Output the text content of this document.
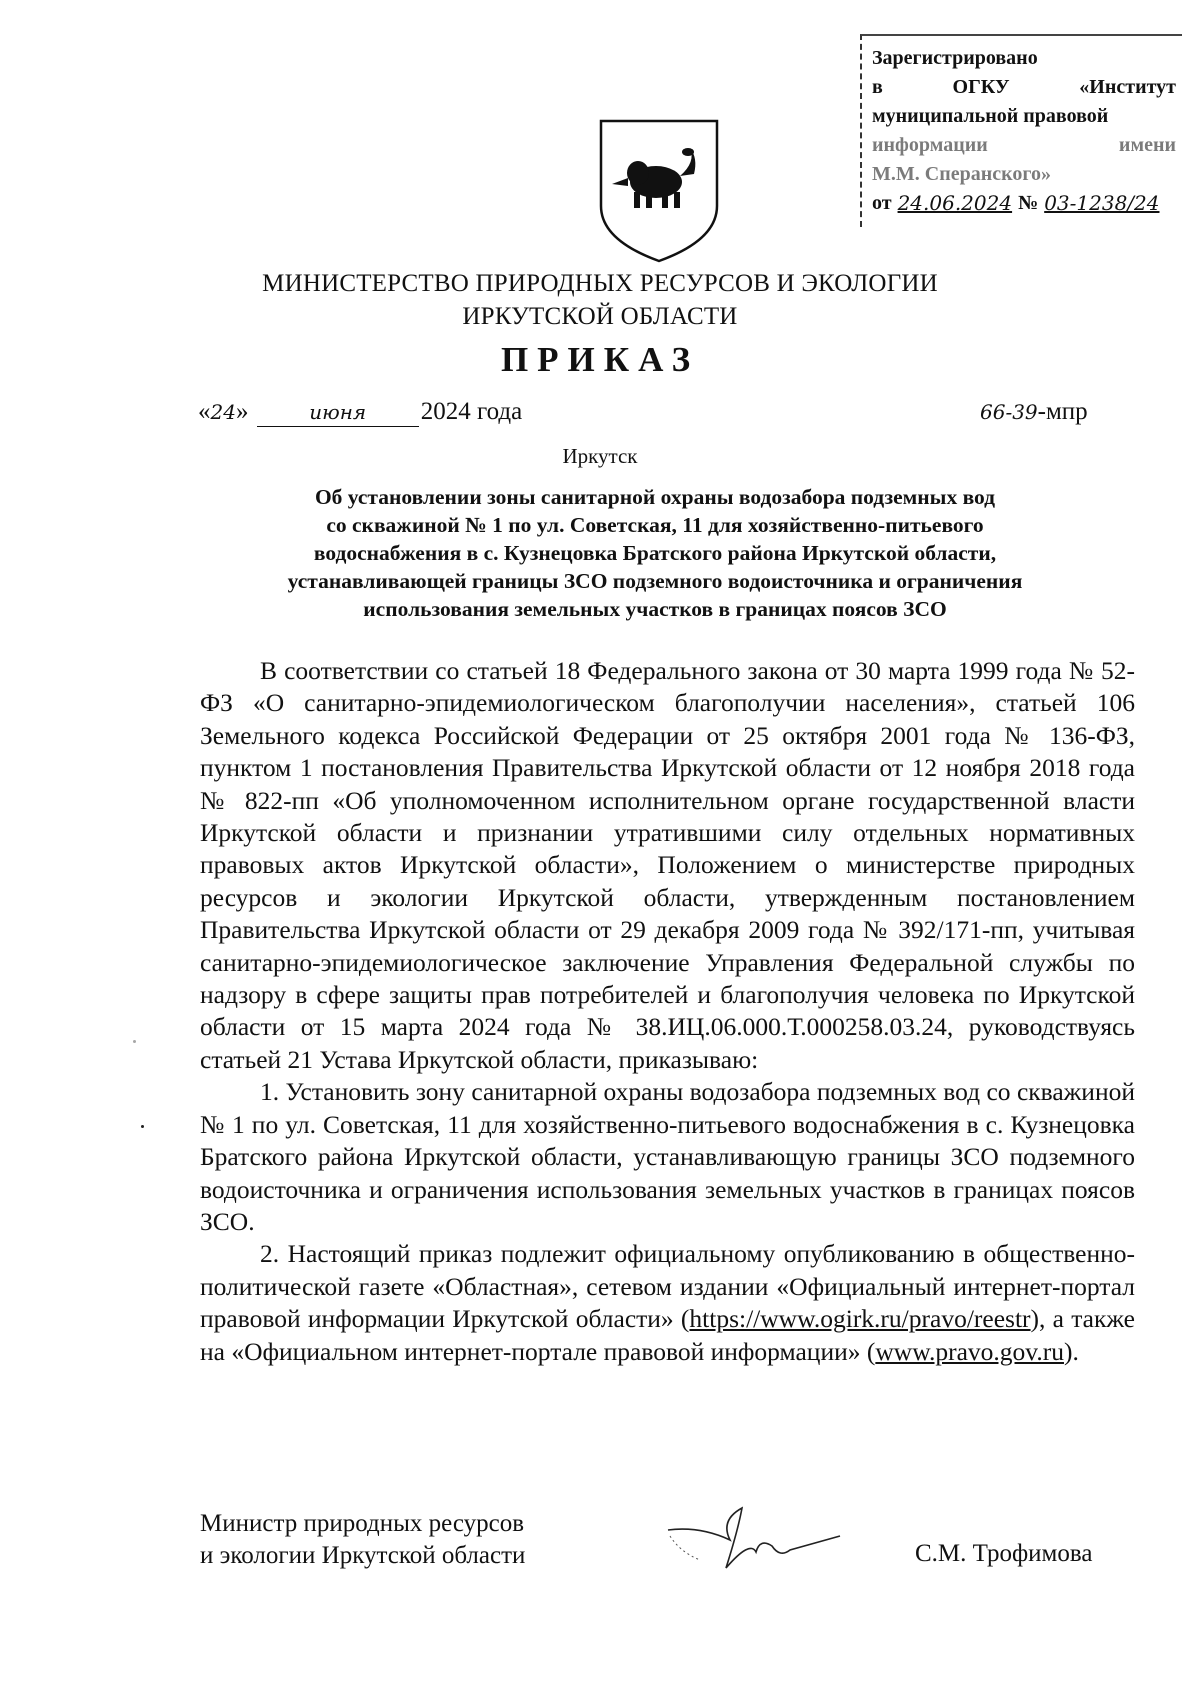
Зарегистрировано
в	ОГКУ	«Институт
муниципальной правовой
информации	имени
М.М. Сперанского»
от 24.06.2024 № 03-1238/24
МИНИСТЕРСТВО ПРИРОДНЫХ РЕСУРСОВ И ЭКОЛОГИИ
ИРКУТСКОЙ ОБЛАСТИ
ПРИКАЗ
«24»	июня 2024 года	66-39-мпр
Иркутск
Об установлении зоны санитарной охраны водозабора подземных вод
со скважиной № 1 по ул. Советская, 11 для хозяйственно-питьевого
водоснабжения в с. Кузнецовка Братского района Иркутской области,
устанавливающей границы ЗСО подземного водоисточника и ограничения
использования земельных участков в границах поясов ЗСО

В соответствии со статьей 18 Федерального закона от 30 марта 1999 года № 52-ФЗ «О санитарно-эпидемиологическом благополучии населения», статьей 106 Земельного кодекса Российской Федерации от 25 октября 2001 года № 136-ФЗ, пунктом 1 постановления Правительства Иркутской области от 12 ноября 2018 года № 822-пп «Об уполномоченном исполнительном органе государственной власти Иркутской области и признании утратившими силу отдельных нормативных правовых актов Иркутской области», Положением о министерстве природных ресурсов и экологии Иркутской области, утвержденным постановлением Правительства Иркутской области от 29 декабря 2009 года № 392/171-пп, учитывая санитарно-эпидемиологическое заключение Управления Федеральной службы по надзору в сфере защиты прав потребителей и благополучия человека по Иркутской области от 15 марта 2024 года № 38.ИЦ.06.000.Т.000258.03.24, руководствуясь статьей 21 Устава Иркутской области, приказываю:

1. Установить зону санитарной охраны водозабора подземных вод со скважиной № 1 по ул. Советская, 11 для хозяйственно-питьевого водоснабжения в с. Кузнецовка Братского района Иркутской области, устанавливающую границы ЗСО подземного водоисточника и ограничения использования земельных участков в границах поясов ЗСО.

2. Настоящий приказ подлежит официальному опубликованию в общественно-политической газете «Областная», сетевом издании «Официальный интернет-портал правовой информации Иркутской области» (https://www.ogirk.ru/pravo/reestr), а также на «Официальном интернет-портале правовой информации» (www.pravo.gov.ru).

Министр природных ресурсов
и экологии Иркутской области	С.М. Трофимова
